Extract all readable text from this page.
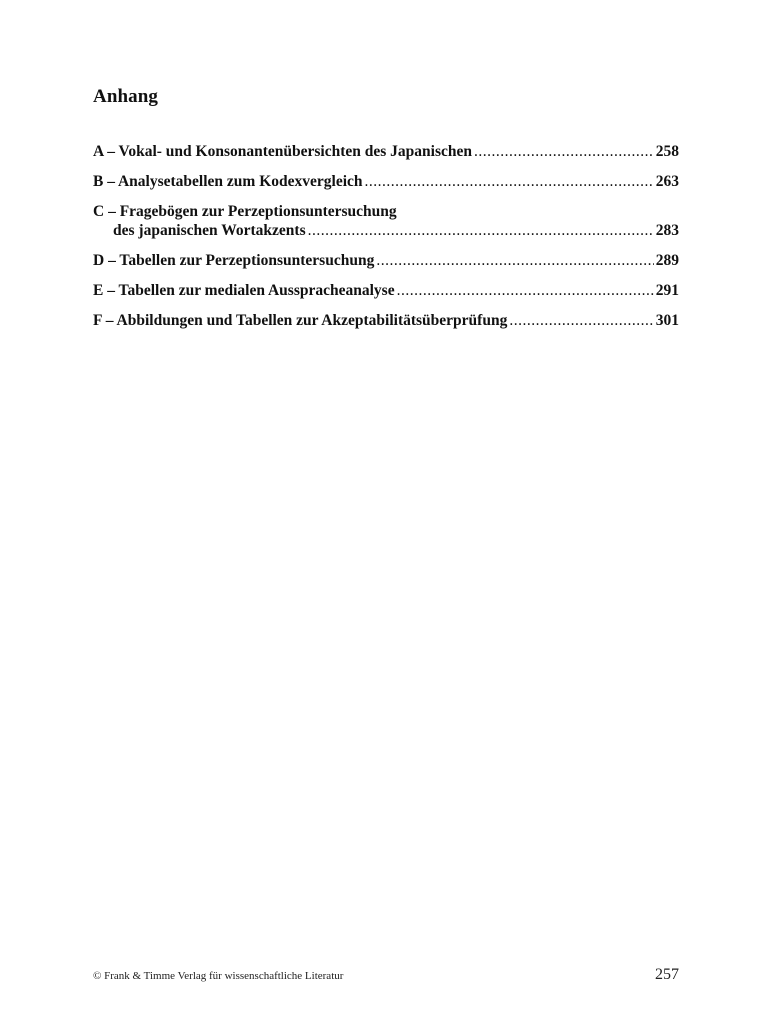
Anhang
A – Vokal- und Konsonantenübersichten des Japanischen .....	258
B – Analysetabellen zum Kodexvergleich .....	263
C – Fragebögen zur Perzeptionsuntersuchung
des japanischen Wortakzents .....	283
D – Tabellen zur Perzeptionsuntersuchung .....	289
E – Tabellen zur medialen Ausspracheanalyse .....	291
F – Abbildungen und Tabellen zur Akzeptabilitätsüberprüfung .....	301
© Frank & Timme Verlag für wissenschaftliche Literatur	257
